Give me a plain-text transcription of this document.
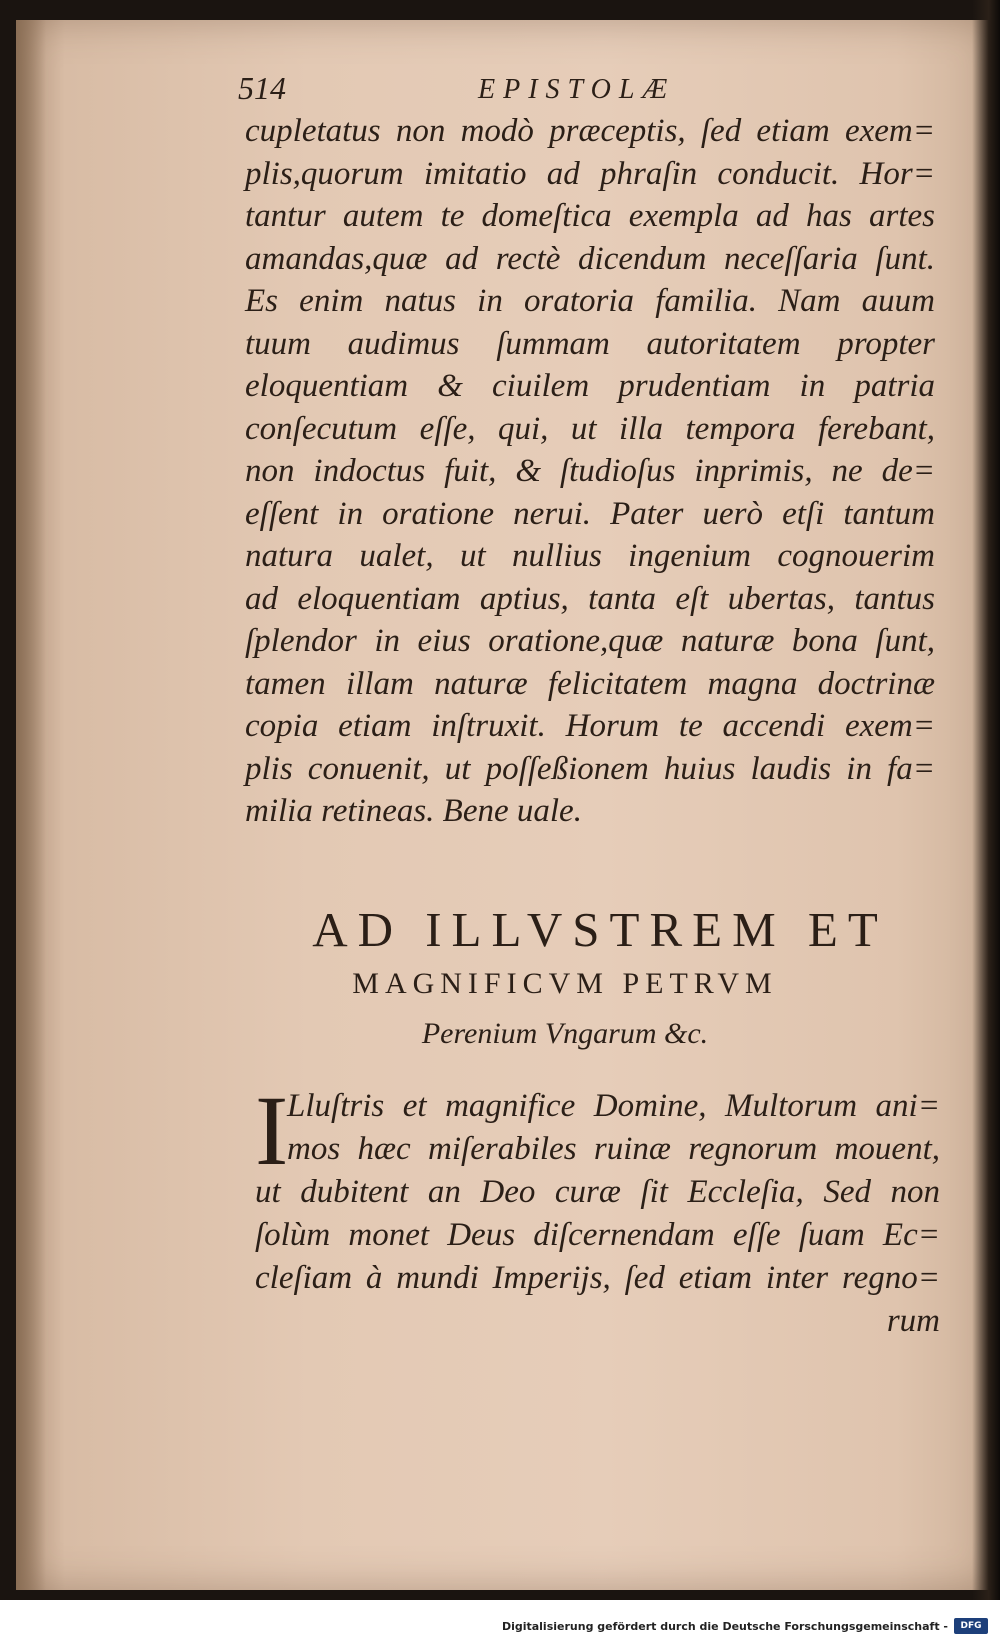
514	EPISTOLÆ
cupletatus non modò præceptis, ſed etiam exem=
plis,quorum imitatio ad phraſin conducit. Hor=
tantur autem te domeſtica exempla ad has artes
amandas,quæ ad rectè dicendum neceſſaria ſunt.
Es enim natus in oratoria familia. Nam auum
tuum audimus ſummam autoritatem propter
eloquentiam & ciuilem prudentiam in patria
conſecutum eſſe, qui, ut illa tempora ferebant,
non indoctus fuit, & ſtudioſus inprimis, ne de=
eſſent in oratione nerui. Pater uerò etſi tantum
natura ualet, ut nullius ingenium cognouerim
ad eloquentiam aptius, tanta eſt ubertas, tantus
ſplendor in eius oratione,quæ naturæ bona ſunt,
tamen illam naturæ felicitatem magna doctrinæ
copia etiam inſtruxit. Horum te accendi exem=
plis conuenit, ut poſſeßionem huius laudis in fa=
milia retineas. Bene uale.
AD ILLVSTREM ET
MAGNIFICVM PETRVM
Perenium Vngarum &c.
I
Lluſtris et magnifice Domine, Multorum ani=
mos hæc miſerabiles ruinæ regnorum mouent,
ut dubitent an Deo curæ ſit Eccleſia, Sed non
ſolùm monet Deus diſcernendam eſſe ſuam Ec=
cleſiam à mundi Imperijs, ſed etiam inter regno=
rum
Digitalisierung gefördert durch die Deutsche Forschungsgemeinschaft -	DFG
